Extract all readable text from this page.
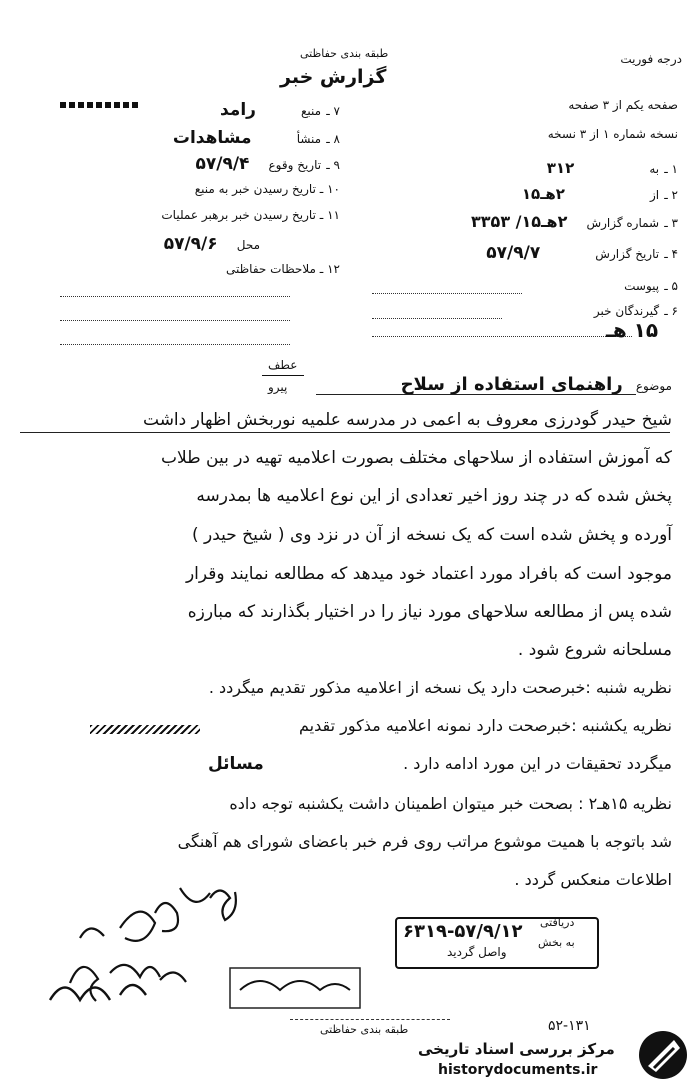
درجه فوریت
طبقه بندی حفاظتی
گزارش خبر
صفحه یکم از ۳ صفحه
نسخه شماره ۱ از ۳ نسخه
۱ ـ به ۳۱۲
۲ ـ از ۲هـ۱۵
۳ ـ شماره گزارش ۲هـ۱۵/ ۳۳۵۳
۴ ـ تاریخ گزارش ۵۷/۹/۷
۵ ـ پیوست
۶ ـ گیرندگان خبر
۱۵ هـ
۷ ـ منبع رامد
۸ ـ منشأ مشاهدات
۹ ـ تاریخ وقوع ۵۷/۹/۴
۱۰ ـ تاریخ رسیدن خبر به منبع
۱۱ ـ تاریخ رسیدن خبر برهبر عملیات
محل ۵۷/۹/۶
۱۲ ـ ملاحظات حفاظتی
عطف
پیرو	موضوع راهنمای استفاده از سلاح
شیخ حیدر گودرزی معروف به اعمی در مدرسه علمیه نوربخش اظهار داشت
که آموزش استفاده از سلاحهای مختلف بصورت اعلامیه تهیه در بین طلاب
پخش شده که در چند روز اخیر تعدادی از این نوع اعلامیه ها بمدرسه
آورده و پخش شده است که یک نسخه از آن در نزد وی ( شیخ حیدر )
موجود است که بافراد مورد اعتماد خود میدهد که مطالعه نمایند وقرار
شده پس از مطالعه سلاحهای مورد نیاز را در اختیار بگذارند که مبارزه
مسلحانه شروع شود .
نظریه شنبه :خبرصحت دارد یک نسخه از اعلامیه مذکور تقدیم میگردد .
نظریه یکشنبه :خبرصحت دارد نمونه اعلامیه مذکور تقدیم
میگردد تحقیقات در این مورد ادامه دارد .
مسائل
نظریه ۱۵هـ۲ : بصحت خبر میتوان اطمینان داشت یکشنبه توجه داده
شد باتوجه با همیت موشوع مراتب روی فرم خبر باعضای شورای هم آهنگی
اطلاعات منعکس گردد .
۶۳۱۹-۵۷/۹/۱۲
واصل گردید
دریافتی
به بخش
طبقه بندی حفاظتی	۵۲-۱۳۱
مرکز بررسی اسناد تاریخی
historydocuments.ir
